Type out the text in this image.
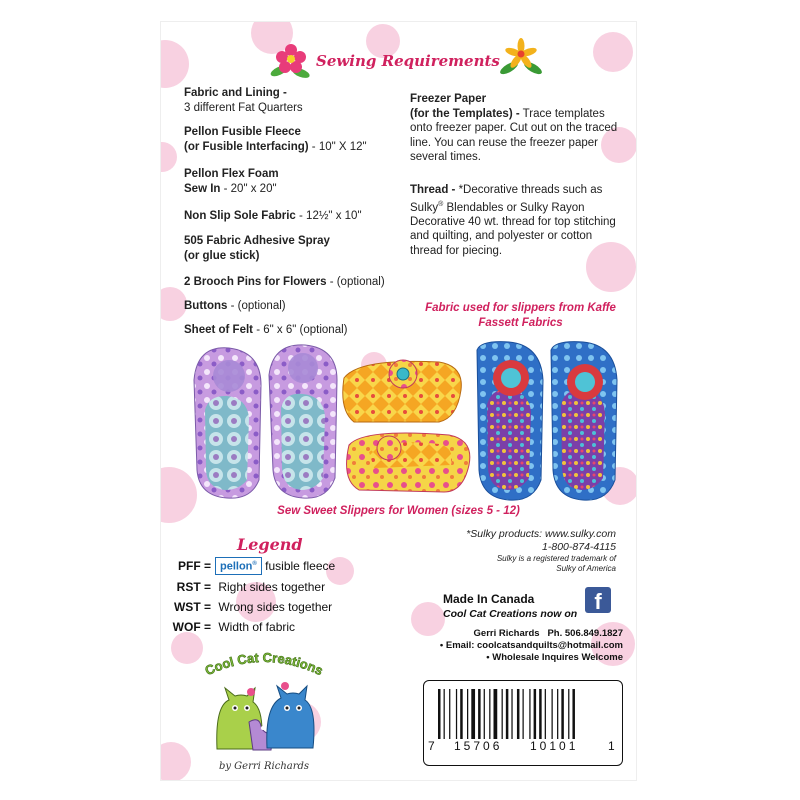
Sewing Requirements
Fabric and Lining -
3 different Fat Quarters
Pellon Fusible Fleece
(or Fusible Interfacing) - 10" X 12"
Pellon Flex Foam
Sew In - 20" x 20"
Non Slip Sole Fabric - 12½" x 10"
505 Fabric Adhesive Spray
(or glue stick)
2 Brooch Pins for Flowers - (optional)
Buttons - (optional)
Sheet of Felt - 6" x 6" (optional)
Freezer Paper
(for the Templates) - Trace templates onto freezer paper. Cut out on the traced line. You can reuse the freezer paper several times.
Thread - *Decorative threads such as Sulky® Blendables or Sulky Rayon Decorative 40 wt. thread for top stitching and quilting, and polyester or cotton thread for piecing.
Fabric used for slippers from Kaffe Fassett Fabrics
Sew Sweet Slippers for Women (sizes 5 - 12)
Legend
PFF = pellon® fusible fleece
RST = Right sides together
WST = Wrong sides together
WOF = Width of fabric
*Sulky products: www.sulky.com
1-800-874-4115
Sulky is a registered trademark of
Sulky of America
Made In Canada
Cool Cat Creations now on f
Gerri Richards Ph. 506.849.1827
• Email: coolcatsandquilts@hotmail.com
• Wholesale Inquires Welcome
Cool Cat Creations
by Gerri Richards
7 15706 10101 1
